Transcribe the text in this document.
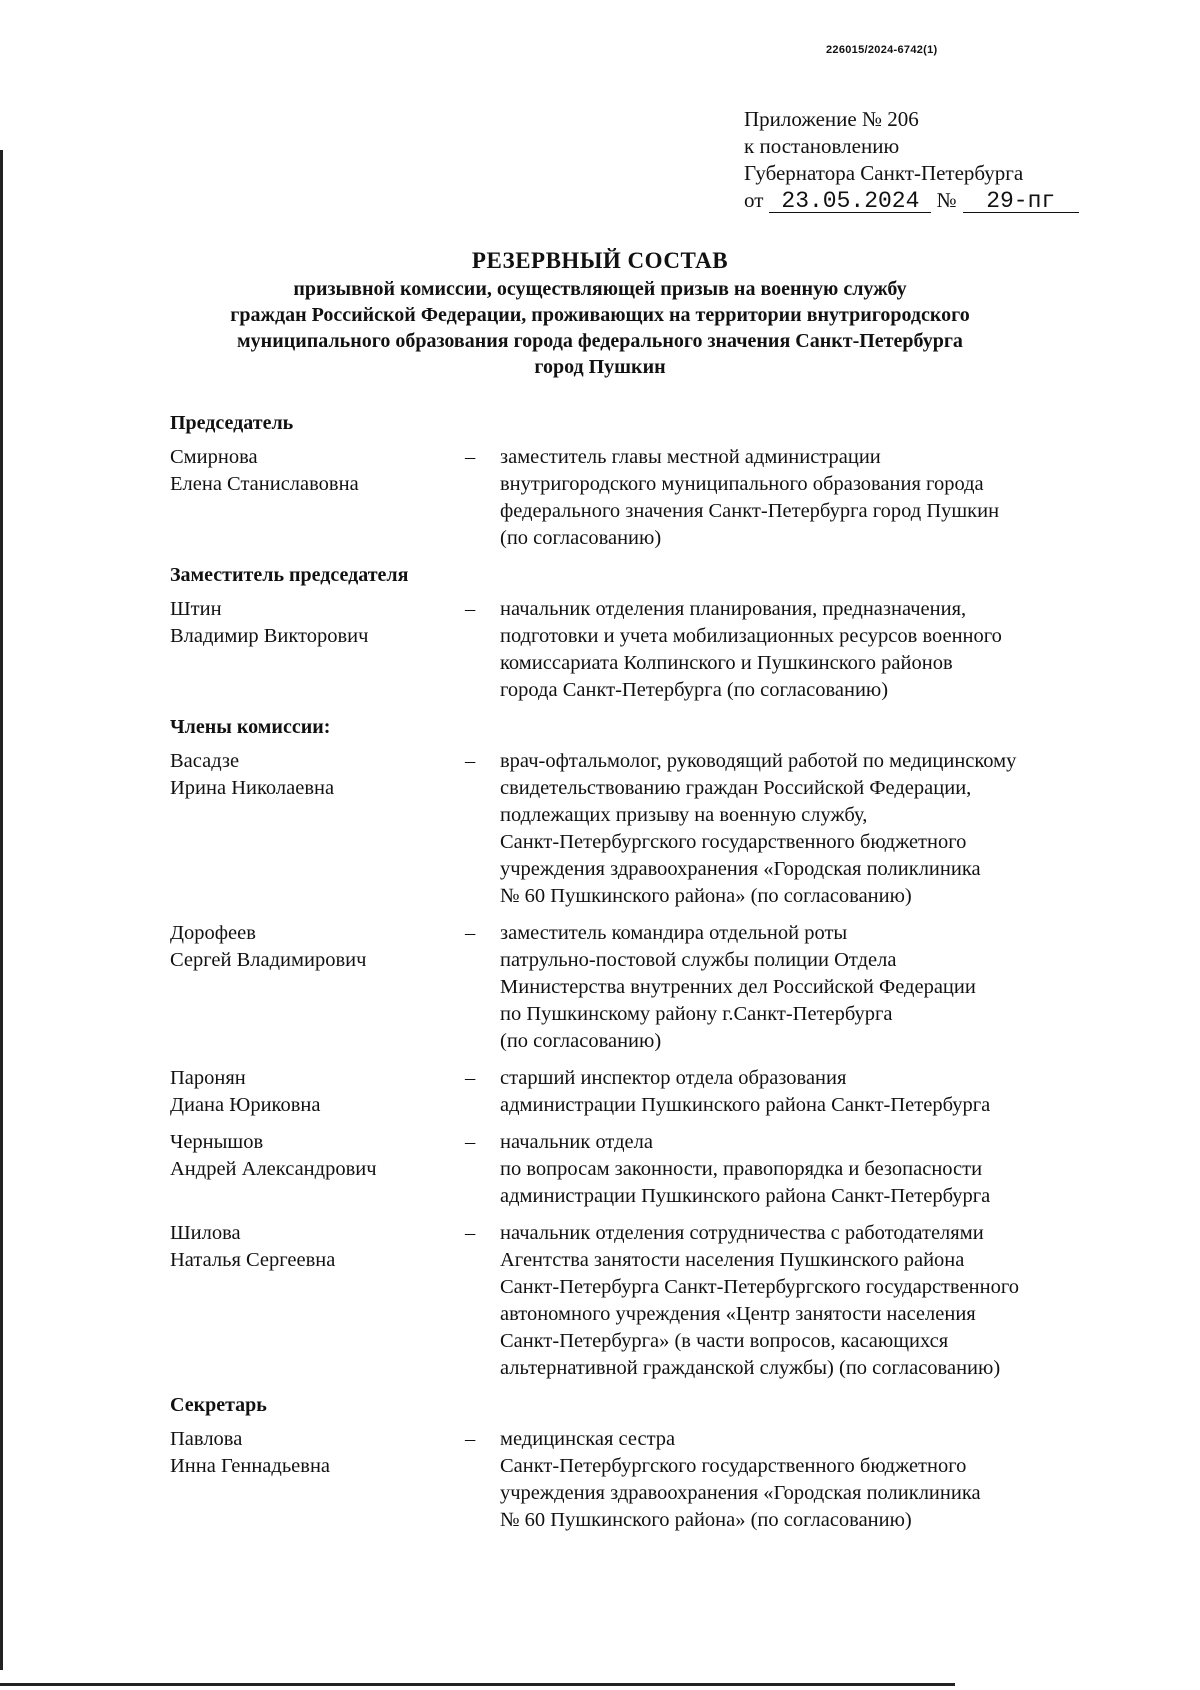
226015/2024-6742(1)
Приложение № 206
к постановлению
Губернатора Санкт-Петербурга
от 23.05.2024 № 29-пг
РЕЗЕРВНЫЙ СОСТАВ
призывной комиссии, осуществляющей призыв на военную службу
граждан Российской Федерации, проживающих на территории внутригородского
муниципального образования города федерального значения Санкт-Петербурга
город Пушкин
Председатель
Смирнова
Елена Станиславовна
–	заместитель главы местной администрации
внутригородского муниципального образования города
федерального значения Санкт-Петербурга город Пушкин
(по согласованию)
Заместитель председателя
Штин
Владимир Викторович
–	начальник отделения планирования, предназначения,
подготовки и учета мобилизационных ресурсов военного
комиссариата Колпинского и Пушкинского районов
города Санкт-Петербурга (по согласованию)
Члены комиссии:
Васадзе
Ирина Николаевна
–	врач-офтальмолог, руководящий работой по медицинскому
свидетельствованию граждан Российской Федерации,
подлежащих призыву на военную службу,
Санкт-Петербургского государственного бюджетного
учреждения здравоохранения «Городская поликлиника
№ 60 Пушкинского района» (по согласованию)
Дорофеев
Сергей Владимирович
–	заместитель командира отдельной роты
патрульно-постовой службы полиции Отдела
Министерства внутренних дел Российской Федерации
по Пушкинскому району г.Санкт-Петербурга
(по согласованию)
Паронян
Диана Юриковна
–	старший инспектор отдела образования
администрации Пушкинского района Санкт-Петербурга
Чернышов
Андрей Александрович
–	начальник отдела
по вопросам законности, правопорядка и безопасности
администрации Пушкинского района Санкт-Петербурга
Шилова
Наталья Сергеевна
–	начальник отделения сотрудничества с работодателями
Агентства занятости населения Пушкинского района
Санкт-Петербурга Санкт-Петербургского государственного
автономного учреждения «Центр занятости населения
Санкт-Петербурга» (в части вопросов, касающихся
альтернативной гражданской службы) (по согласованию)
Секретарь
Павлова
Инна Геннадьевна
–	медицинская сестра
Санкт-Петербургского государственного бюджетного
учреждения здравоохранения «Городская поликлиника
№ 60 Пушкинского района» (по согласованию)
